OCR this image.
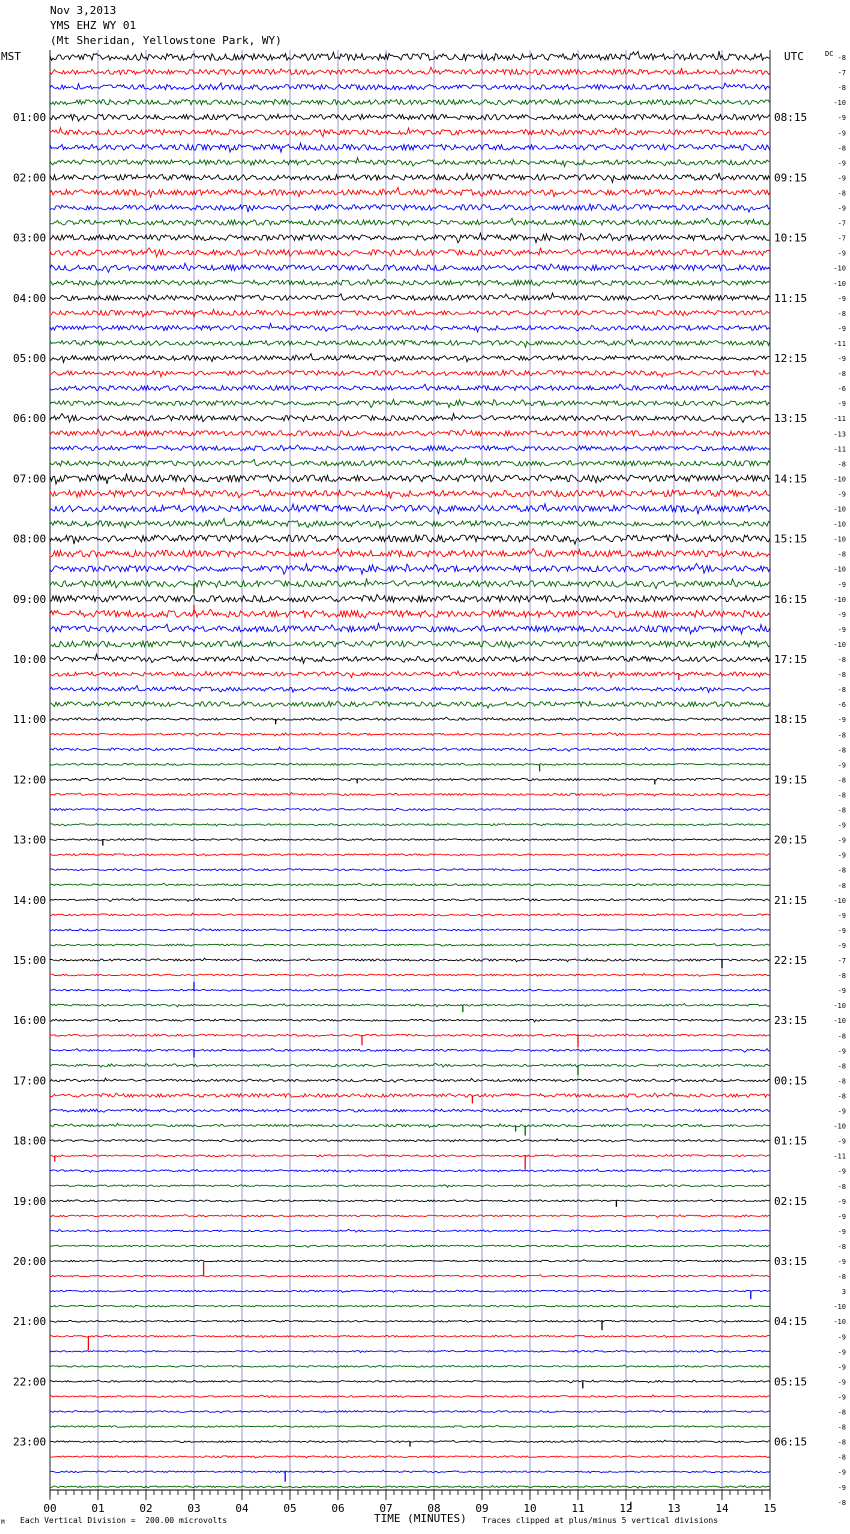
Nov 3,2013
YMS EHZ WY 01
(Mt Sheridan, Yellowstone Park, WY)
MST	UTC
01:00
02:00
03:00
04:00
05:00
06:00
07:00
08:00
09:00
10:00
11:00
12:00
13:00
14:00
15:00
16:00
17:00
18:00
19:00
20:00
21:00
22:00
23:00
08:15
09:15
10:15
11:15
12:15
13:15
14:15
15:15
16:15
17:15
18:15
19:15
20:15
21:15
22:15
23:15
00:15
01:15
02:15
03:15
04:15
05:15
06:15
DC -8
-7
-8
-10
-9
-9
-8
-9
-9
-8
-9
-7
-7
-9
-10
-10
-9
-8
-9
-11
-9
-8
-6
-9
-11
-13
-11
-8
-10
-9
-10
-10
-10
-8
-10
-9
-10
-9
-9
-10
-8
-8
-8
-6
-9
-8
-8
-9
-8
-8
-8
-9
-9
-9
-8
-8
-10
-9
-9
-9
-7
-8
-9
-10
-10
-8
-9
-8
-8
-8
-9
-10
-9
-11
-9
-8
-9
-9
-9
-8
-9
-8
3
-10
-10
-9
-9
-9
-9
-9
-8
-8
-8
-8
-9
-9
-8
00	01	02	03	04	05	06	07	08	09	10	11	12	13	14	15
M Each Vertical Division =  200.00 microvolts	TIME (MINUTES) Traces clipped at plus/minus 5 vertical divisions
